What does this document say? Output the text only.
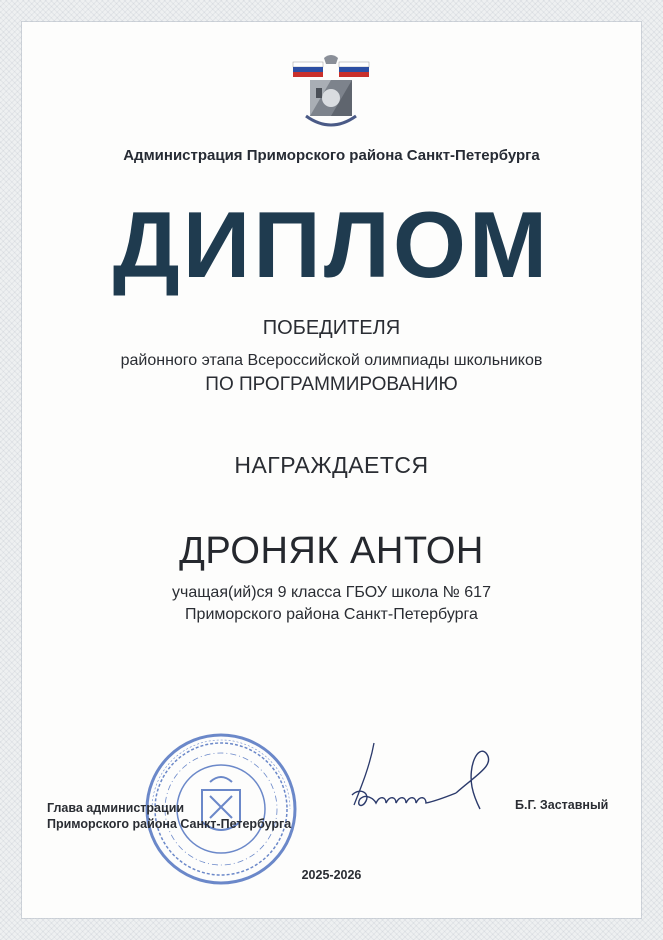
Администрация Приморского района Санкт-Петербурга
ДИПЛОМ
ПОБЕДИТЕЛЯ
районного этапа Всероссийской олимпиады школьников
ПО ПРОГРАММИРОВАНИЮ
НАГРАЖДАЕТСЯ
ДРОНЯК АНТОН
учащая(ий)ся 9 класса ГБОУ школа № 617
Приморского района Санкт-Петербурга
Глава администрации
Приморского района Санкт-Петербурга
Б.Г. Заставный
2025-2026
